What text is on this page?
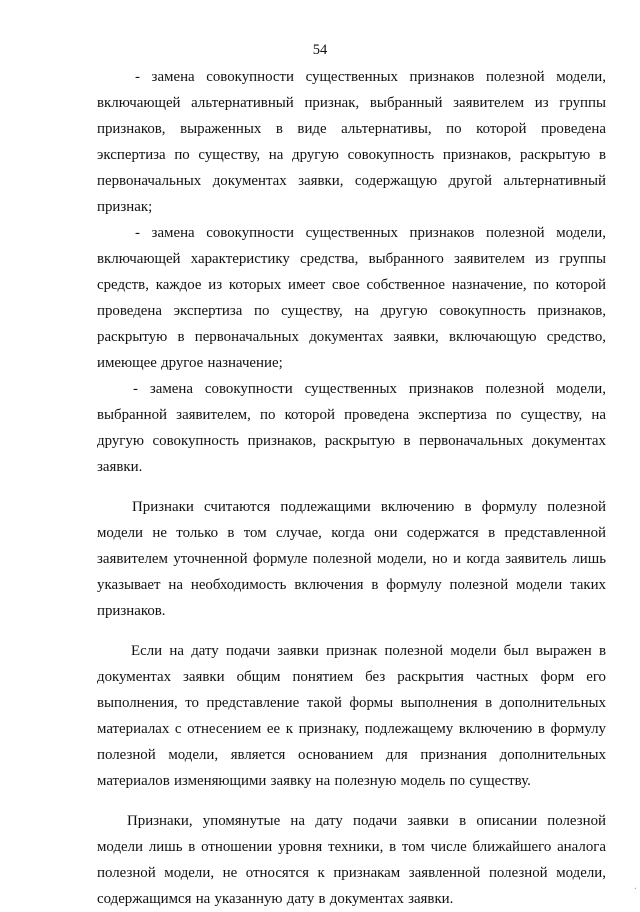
54

- замена совокупности существенных признаков полезной модели, включающей альтернативный признак, выбранный заявителем из группы признаков, выраженных в виде альтернативы, по которой проведена экспертиза по существу, на другую совокупность признаков, раскрытую в первоначальных документах заявки, содержащую другой альтернативный признак;

- замена совокупности существенных признаков полезной модели, включающей характеристику средства, выбранного заявителем из группы средств, каждое из которых имеет свое собственное назначение, по которой проведена экспертиза по существу, на другую совокупность признаков, раскрытую в первоначальных документах заявки, включающую средство, имеющее другое назначение;

- замена совокупности существенных признаков полезной модели, выбранной заявителем, по которой проведена экспертиза по существу, на другую совокупность признаков, раскрытую в первоначальных документах заявки.

Признаки считаются подлежащими включению в формулу полезной модели не только в том случае, когда они содержатся в представленной заявителем уточненной формуле полезной модели, но и когда заявитель лишь указывает на необходимость включения в формулу полезной модели таких признаков.

Если на дату подачи заявки признак полезной модели был выражен в документах заявки общим понятием без раскрытия частных форм его выполнения, то представление такой формы выполнения в дополнительных материалах с отнесением ее к признаку, подлежащему включению в формулу полезной модели, является основанием для признания дополнительных материалов изменяющими заявку на полезную модель по существу.

Признаки, упомянутые на дату подачи заявки в описании полезной модели лишь в отношении уровня техники, в том числе ближайшего аналога полезной модели, не относятся к признакам заявленной полезной модели, содержащимся на указанную дату в документах заявки.

·
